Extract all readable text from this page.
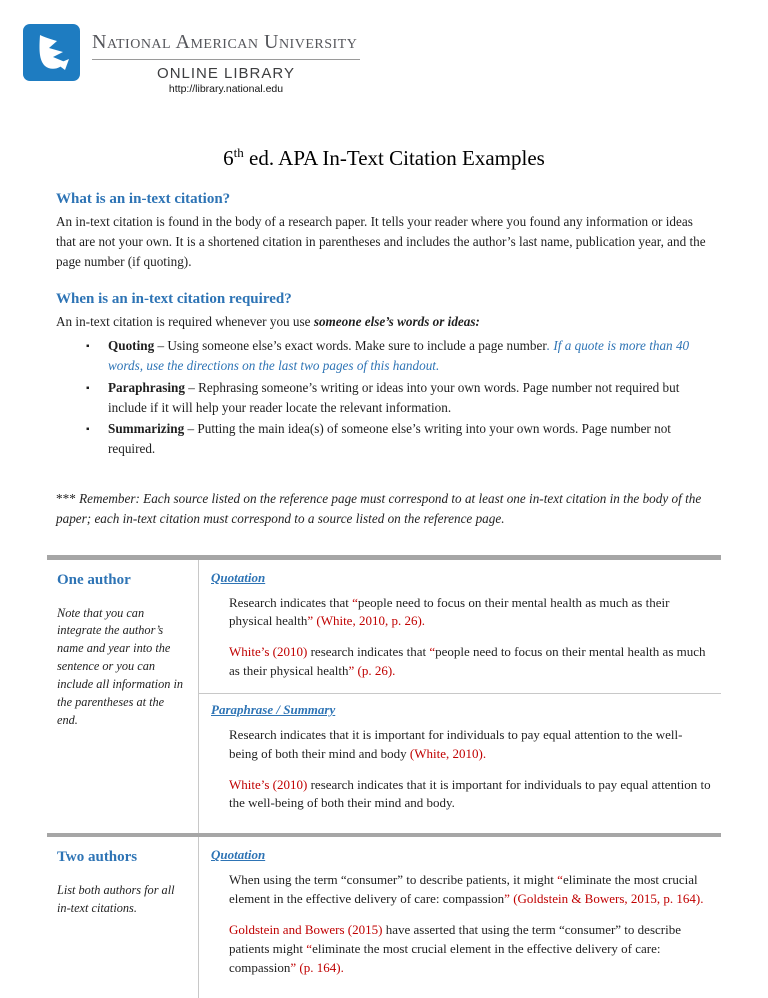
National American University
ONLINE LIBRARY
http://library.national.edu
6th ed. APA In-Text Citation Examples
What is an in-text citation?

An in-text citation is found in the body of a research paper. It tells your reader where you found any information or ideas that are not your own. It is a shortened citation in parentheses and includes the author’s last name, publication year, and the page number (if quoting).

When is an in-text citation required?

An in-text citation is required whenever you use someone else’s words or ideas:

▪ Quoting – Using someone else’s exact words. Make sure to include a page number. If a quote is more than 40 words, use the directions on the last two pages of this handout.
▪ Paraphrasing – Rephrasing someone’s writing or ideas into your own words. Page number not required but include if it will help your reader locate the relevant information.
▪ Summarizing – Putting the main idea(s) of someone else’s writing into your own words. Page number not required.

*** Remember: Each source listed on the reference page must correspond to at least one in-text citation in the body of the paper; each in-text citation must correspond to a source listed on the reference page.

One author

Note that you can integrate the author’s name and year into the sentence or you can include all information in the parentheses at the end.

Quotation

Research indicates that “people need to focus on their mental health as much as their physical health” (White, 2010, p. 26).

White’s (2010) research indicates that “people need to focus on their mental health as much as their physical health” (p. 26).

Paraphrase / Summary

Research indicates that it is important for individuals to pay equal attention to the well-being of both their mind and body (White, 2010).

White’s (2010) research indicates that it is important for individuals to pay equal attention to the well-being of both their mind and body.

Two authors

List both authors for all in-text citations.

Quotation

When using the term “consumer” to describe patients, it might “eliminate the most crucial element in the effective delivery of care: compassion” (Goldstein & Bowers, 2015, p. 164).

Goldstein and Bowers (2015) have asserted that using the term “consumer” to describe patients might “eliminate the most crucial element in the effective delivery of care: compassion” (p. 164).
